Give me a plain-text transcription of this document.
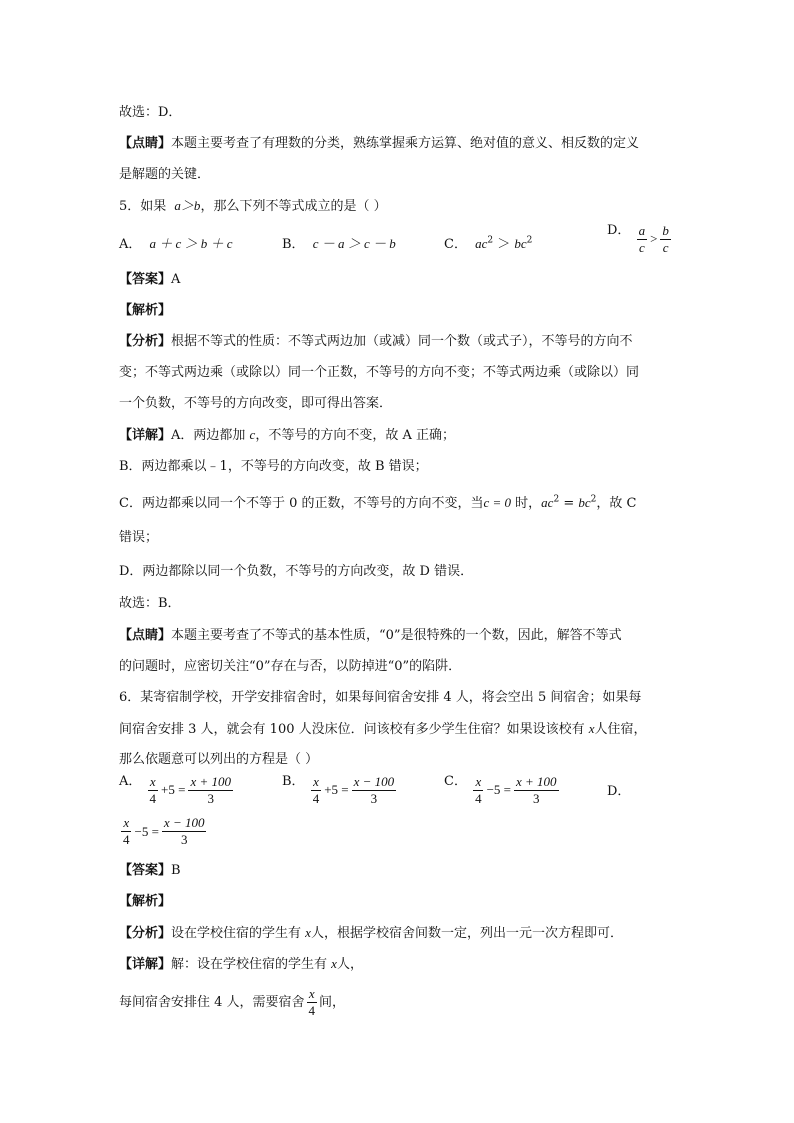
故选：D．
【点睛】本题主要考查了有理数的分类，熟练掌握乘方运算、绝对值的意义、相反数的定义
是解题的关键．
5．如果 a＞b，那么下列不等式成立的是（ ）
A． a ＋ c ＞ b ＋ c	B． c － a ＞ c － b	C． $ac^2 > bc^2$
D． $\frac{a}{c} > \frac{b}{c}$
【答案】A
【解析】
【分析】根据不等式的性质：不等式两边加（或减）同一个数（或式子），不等号的方向不
变；不等式两边乘（或除以）同一个正数，不等号的方向不变；不等式两边乘（或除以）同
一个负数，不等号的方向改变，即可得出答案．
【详解】A．两边都加 c，不等号的方向不变，故 A 正确；
B．两边都乘以﹣1，不等号的方向改变，故 B 错误；
C．两边都乘以同一个不等于 0 的正数，不等号的方向不变，当c = 0 时，$ac^2 = bc^2$，故 C
错误；
D．两边都除以同一个负数，不等号的方向改变，故 D 错误．
故选：B．
【点睛】本题主要考查了不等式的基本性质，“0”是很特殊的一个数，因此，解答不等式
的问题时，应密切关注“0”存在与否，以防掉进“0”的陷阱．
6．某寄宿制学校，开学安排宿舍时，如果每间宿舍安排 4 人，将会空出 5 间宿舍；如果每
间宿舍安排 3 人，就会有 100 人没床位．问该校有多少学生住宿？如果设该校有 x人住宿，
那么依题意可以列出的方程是（ ）
A． $\frac{x}{4} +5 = \frac{x + 100}{3}$	B． $\frac{x}{4} +5 = \frac{x - 100}{3}$	C． $\frac{x}{4} -5 = \frac{x + 100}{3}$	D．
$\frac{x}{4} -5 = \frac{x - 100}{3}$
【答案】B
【解析】
【分析】设在学校住宿的学生有 x人，根据学校宿舍间数一定，列出一元一次方程即可．
【详解】解：设在学校住宿的学生有 x人，
每间宿舍安排住 4 人，需要宿舍 $\frac{x}{4}$ 间，
